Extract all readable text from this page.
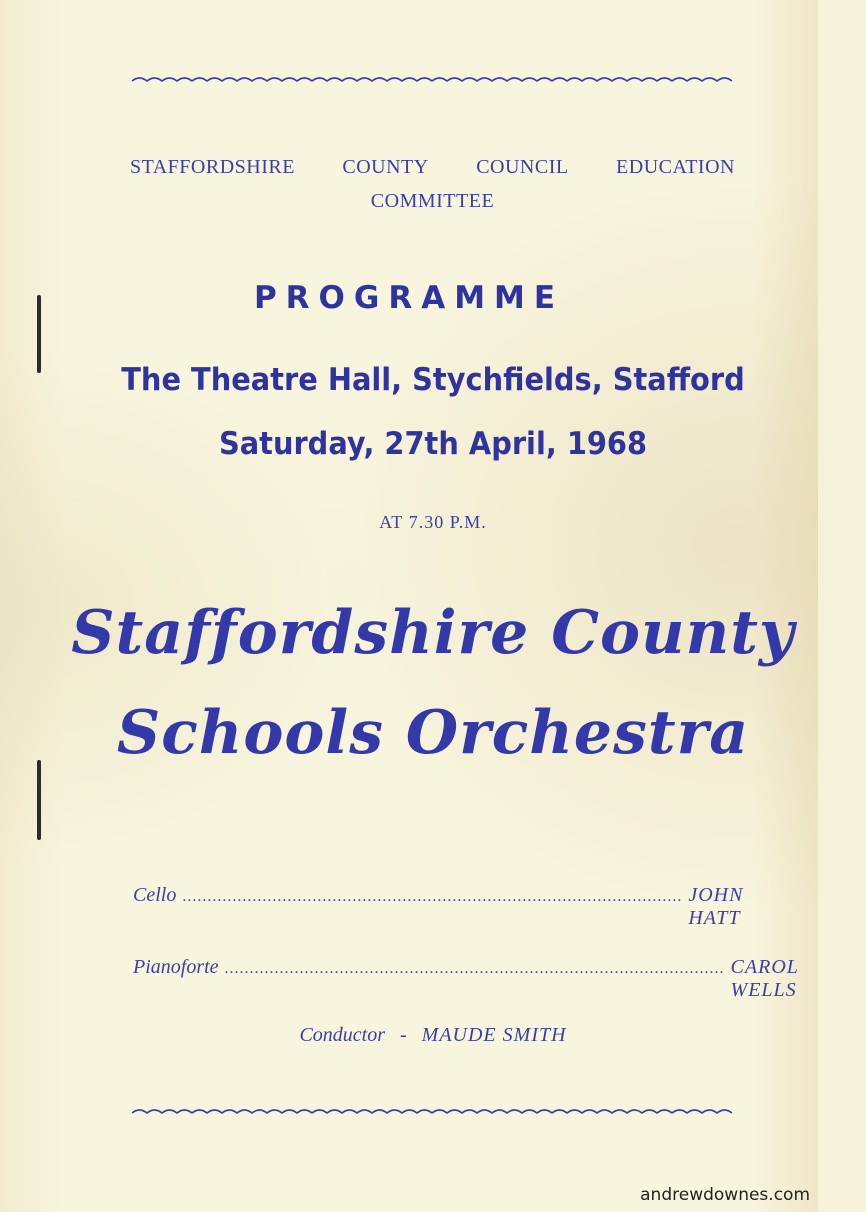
STAFFORDSHIRE COUNTY COUNCIL EDUCATION
COMMITTEE
PROGRAMME
The Theatre Hall, Stychfields, Stafford
Saturday, 27th April, 1968
AT 7.30 P.M.
Staffordshire County
Schools Orchestra
Cello .................................................................................................... JOHN HATT
Pianoforte .................................................................................................... CAROL WELLS
Conductor - MAUDE SMITH
andrewdownes.com
